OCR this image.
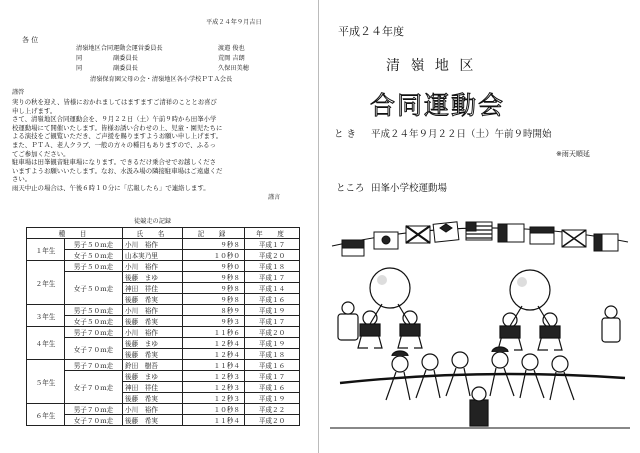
平成２４年９月吉日
各 位
清嶺地区合同運動会運営委員長	渡邉 俊也
同　　　　　副委員長	荒岡 吉朗
同　　　　　副委員長	久保田美穂
清嶺保育園父母の会・清嶺地区各小学校ＰＴＡ会長
謹啓

実りの秋を迎え、皆様におかれましてはますますご清祥のこととお喜び

申し上げます。

さて、清嶺地区合同運動会を、９月２２日（土）午前９時から田峯小学

校運動場にて開催いたします。皆様お誘い合わせの上、児童・園児たちに

よる演技をご観覧いただき、ご声援を賜りますようお願い申し上げます。

また、ＰＴＡ、老人クラブ、一般の方々の種目もありますので、ふるっ

てご参加ください。

駐車場は田峯観音駐車場になります。できるだけ乗合せでお越しくださ

いますようお願いいたします。なお、水汲み場の隣接駐車場はご遠慮くだ

さい。

雨天中止の場合は、午後６時１０分に「広報したら」で連絡します。

謹言
徒競走の記録
種　目		氏　名	記　録	年　度
１年生	男子５０ｍ走	小川　裕作	９秒８	平成１７
	女子５０ｍ走	山本実乃里	１０秒０	平成２０
２年生	男子５０ｍ走	小川　裕作	９秒０	平成１８
	女子５０ｍ走	後藤　まゆ	９秒８	平成１７
		神田　祥佳	９秒８	平成１４
		後藤　希実	９秒８	平成１６
３年生	男子５０ｍ走	小川　裕作	８秒９	平成１９
	女子５０ｍ走	後藤　希実	９秒３	平成１７
４年生	男子７０ｍ走	小川　裕作	１１秒６	平成２０
	女子７０ｍ走	後藤　まゆ	１２秒４	平成１９
		後藤　希実	１２秒４	平成１８
５年生	男子７０ｍ走	鈴田　樹吾	１１秒４	平成１６
	女子７０ｍ走	後藤　まゆ	１２秒３	平成１７
		神田　祥佳	１２秒３	平成１６
		後藤　希実	１２秒３	平成１９
６年生	男子７０ｍ走	小川　裕作	１０秒８	平成２２
	女子７０ｍ走	後藤　希実	１１秒４	平成２０
平成２４年度
清 嶺 地 区
合同運動会
と き 平成２４年９月２２日（土）午前９時開始
※雨天順延
ところ 田峯小学校運動場
